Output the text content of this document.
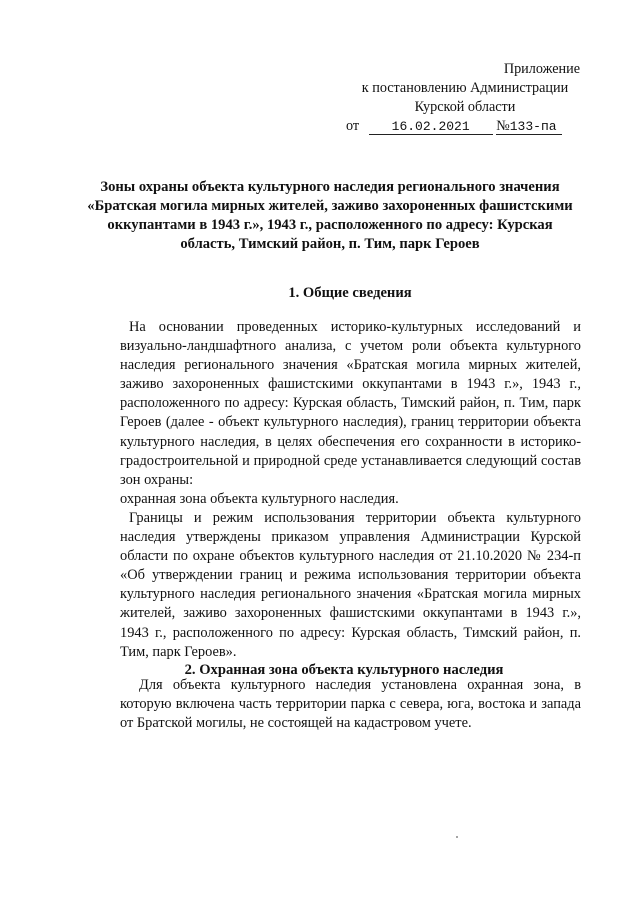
Приложение
к постановлению Администрации
Курской области
от	16.02.2021 №133-па
Зоны охраны объекта культурного наследия регионального значения «Братская могила мирных жителей, заживо захороненных фашистскими оккупантами в 1943 г.», 1943 г., расположенного по адресу: Курская область, Тимский район, п. Тим, парк Героев
1. Общие сведения

На основании проведенных историко-культурных исследований и визуально-ландшафтного анализа, с учетом роли объекта культурного наследия регионального значения «Братская могила мирных жителей, заживо захороненных фашистскими оккупантами в 1943 г.», 1943 г., расположенного по адресу: Курская область, Тимский район, п. Тим, парк Героев (далее - объект культурного наследия), границ территории объекта культурного наследия, в целях обеспечения его сохранности в историко-градостроительной и природной среде устанавливается следующий состав зон охраны:

охранная зона объекта культурного наследия.

Границы и режим использования территории объекта культурного наследия утверждены приказом управления Администрации Курской области по охране объектов культурного наследия от 21.10.2020 № 234-п «Об утверждении границ и режима использования территории объекта культурного наследия регионального значения «Братская могила мирных жителей, заживо захороненных фашистскими оккупантами в 1943 г.», 1943 г., расположенного по адресу: Курская область, Тимский район, п. Тим, парк Героев».

2. Охранная зона объекта культурного наследия

Для объекта культурного наследия установлена охранная зона, в которую включена часть территории парка с севера, юга, востока и запада от Братской могилы, не состоящей на кадастровом учете.
